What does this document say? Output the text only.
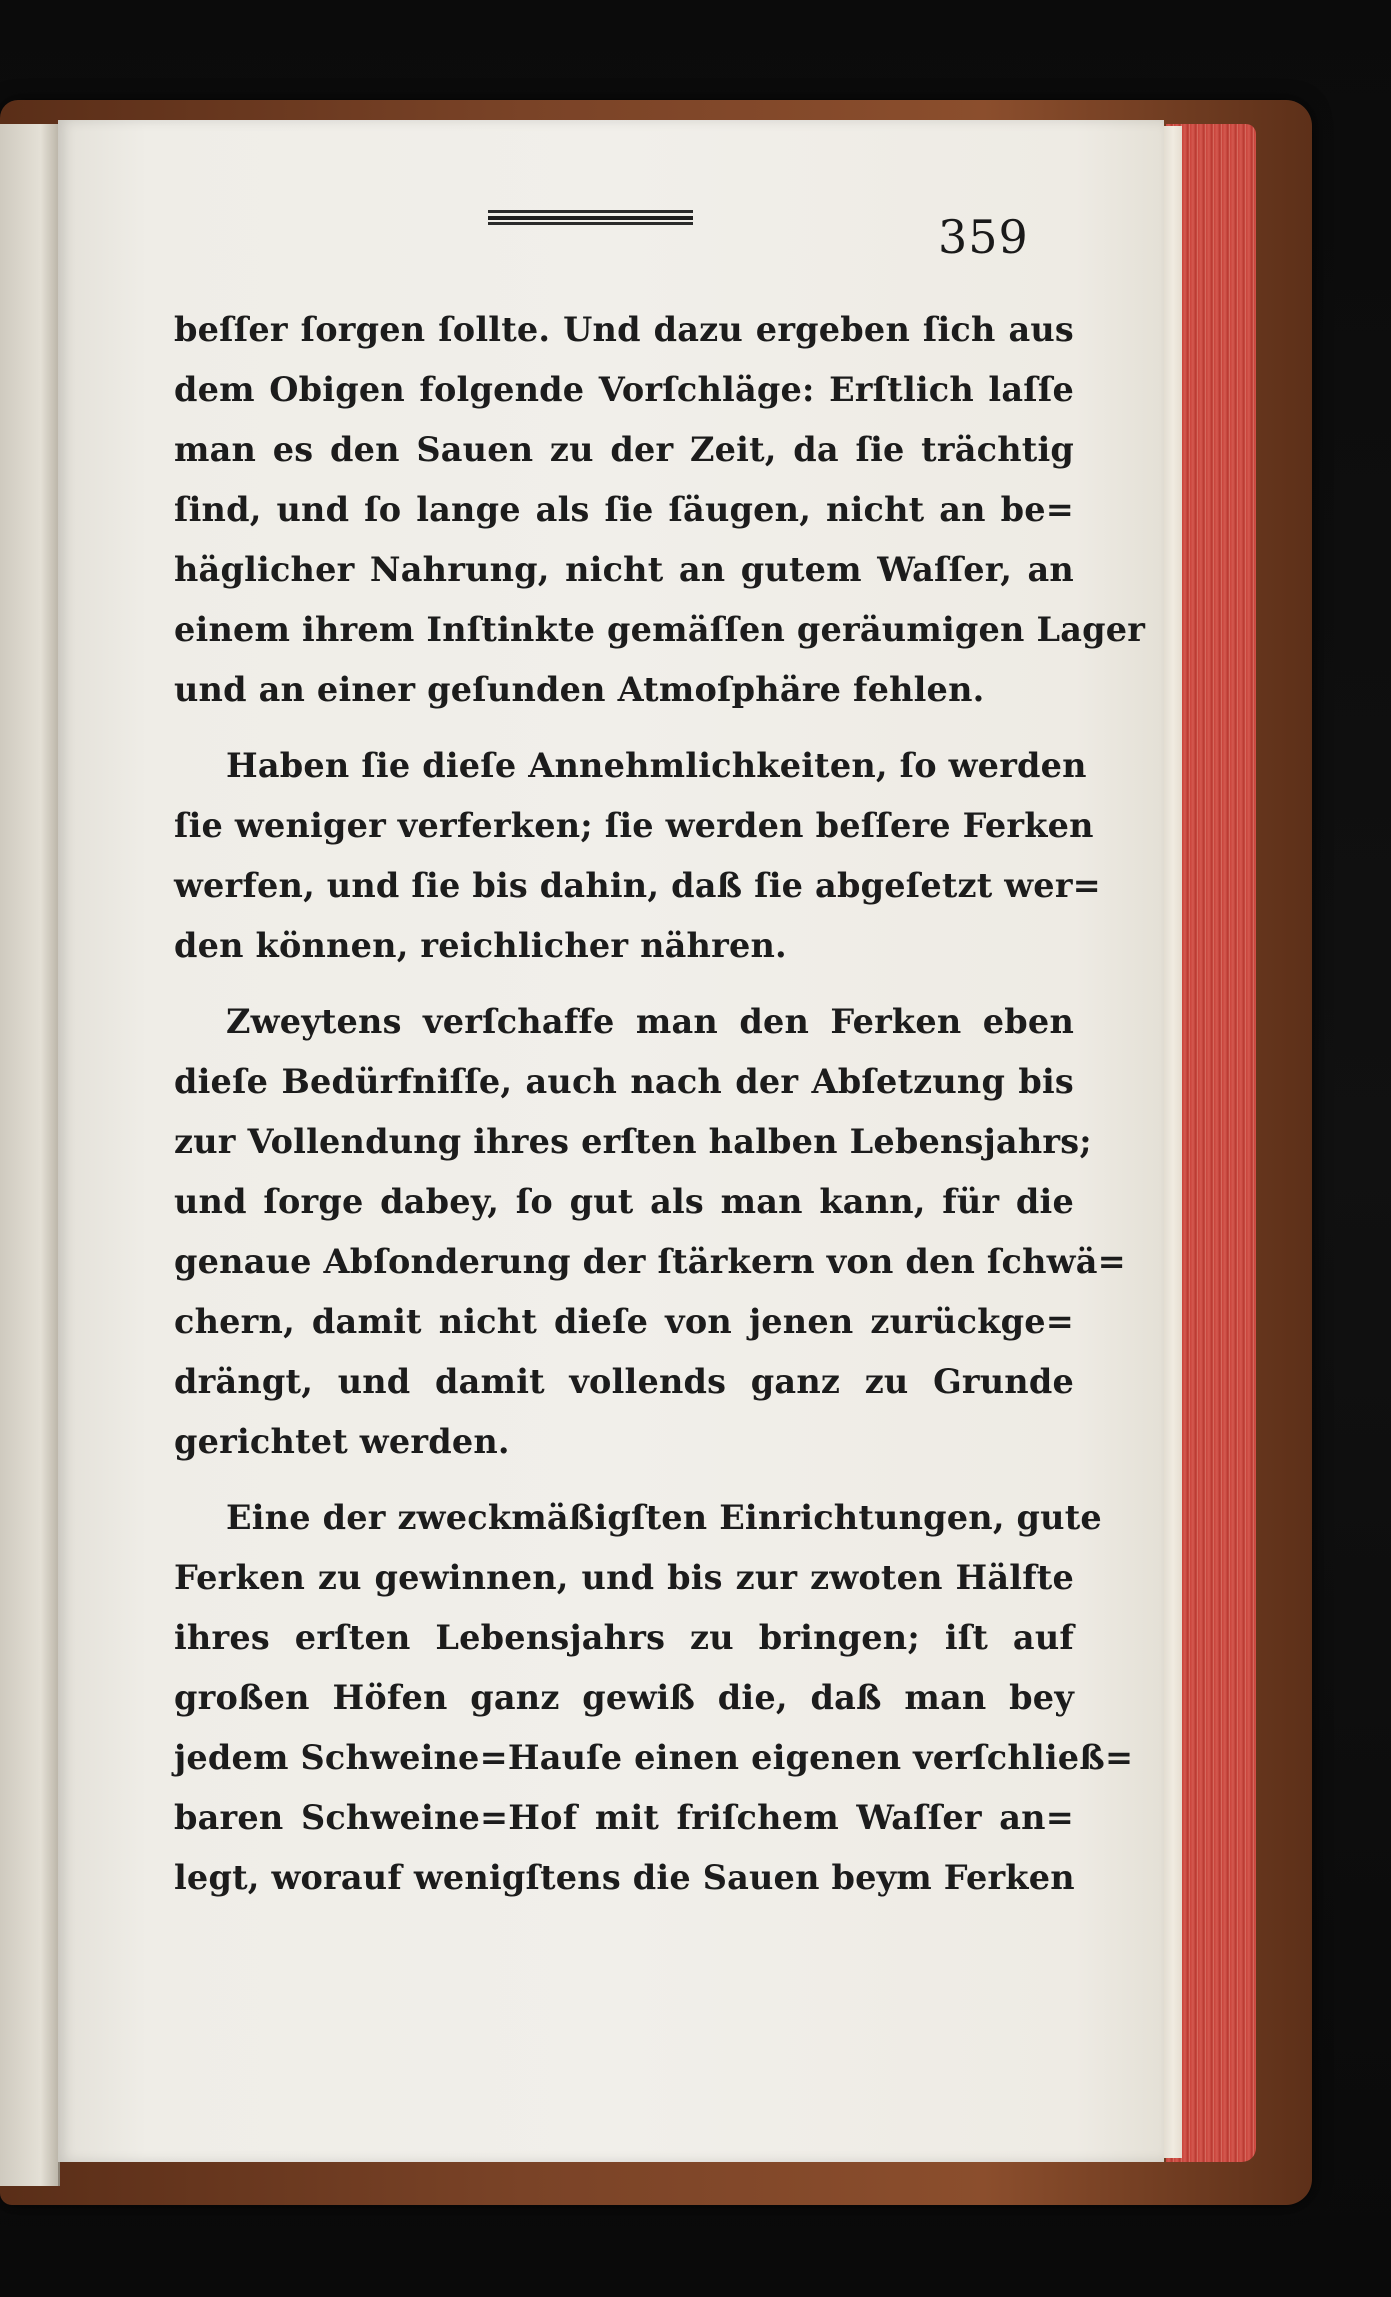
359
beſſer ſorgen ſollte. Und dazu ergeben ſich aus
dem Obigen folgende Vorſchläge: Erſtlich laſſe
man es den Sauen zu der Zeit, da ſie trächtig
ſind, und ſo lange als ſie ſäugen, nicht an be=
häglicher Nahrung, nicht an gutem Waſſer, an
einem ihrem Inſtinkte gemäſſen geräumigen Lager
und an einer geſunden Atmoſphäre fehlen.
Haben ſie dieſe Annehmlichkeiten, ſo werden
ſie weniger verferken; ſie werden beſſere Ferken
werfen, und ſie bis dahin, daß ſie abgeſetzt wer=
den können, reichlicher nähren.
Zweytens verſchaffe man den Ferken eben
dieſe Bedürfniſſe, auch nach der Abſetzung bis
zur Vollendung ihres erſten halben Lebensjahrs;
und ſorge dabey, ſo gut als man kann, für die
genaue Abſonderung der ſtärkern von den ſchwä=
chern, damit nicht dieſe von jenen zurückge=
drängt, und damit vollends ganz zu Grunde
gerichtet werden.
Eine der zweckmäßigſten Einrichtungen, gute
Ferken zu gewinnen, und bis zur zwoten Hälfte
ihres erſten Lebensjahrs zu bringen; iſt auf
großen Höfen ganz gewiß die, daß man bey
jedem Schweine=Hauſe einen eigenen verſchließ=
baren Schweine=Hof mit friſchem Waſſer an=
legt, worauf wenigſtens die Sauen beym Ferken
